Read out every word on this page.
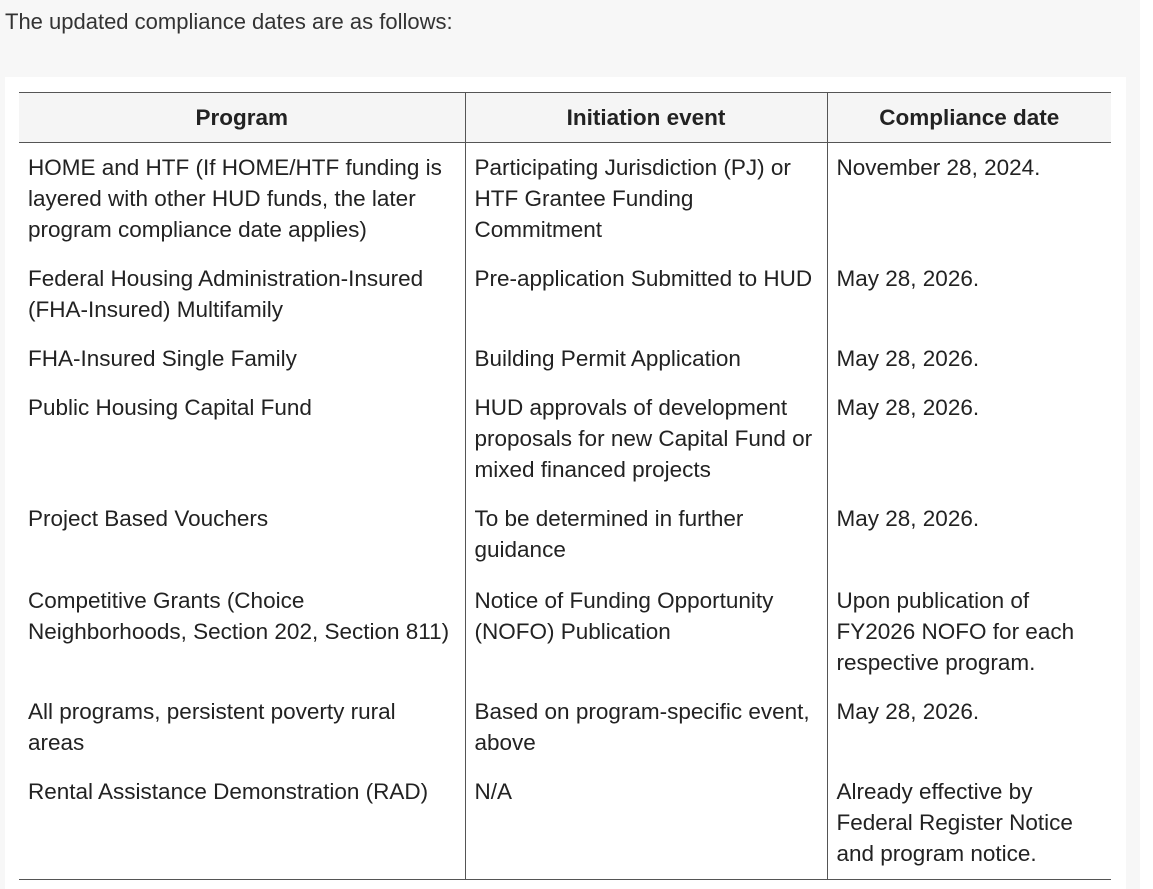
The updated compliance dates are as follows:

Program	Initiation event	Compliance date
HOME and HTF (If HOME/HTF funding is layered with other HUD funds, the later program compliance date applies)	Participating Jurisdiction (PJ) or HTF Grantee Funding Commitment	November 28, 2024.
Federal Housing Administration-Insured (FHA-Insured) Multifamily	Pre-application Submitted to HUD	May 28, 2026.
FHA-Insured Single Family	Building Permit Application	May 28, 2026.
Public Housing Capital Fund	HUD approvals of development proposals for new Capital Fund or mixed financed projects	May 28, 2026.
Project Based Vouchers	To be determined in further guidance	May 28, 2026.
Competitive Grants (Choice Neighborhoods, Section 202, Section 811)	Notice of Funding Opportunity (NOFO) Publication	Upon publication of FY2026 NOFO for each respective program.
All programs, persistent poverty rural areas	Based on program-specific event, above	May 28, 2026.
Rental Assistance Demonstration (RAD)	N/A	Already effective by Federal Register Notice and program notice.
